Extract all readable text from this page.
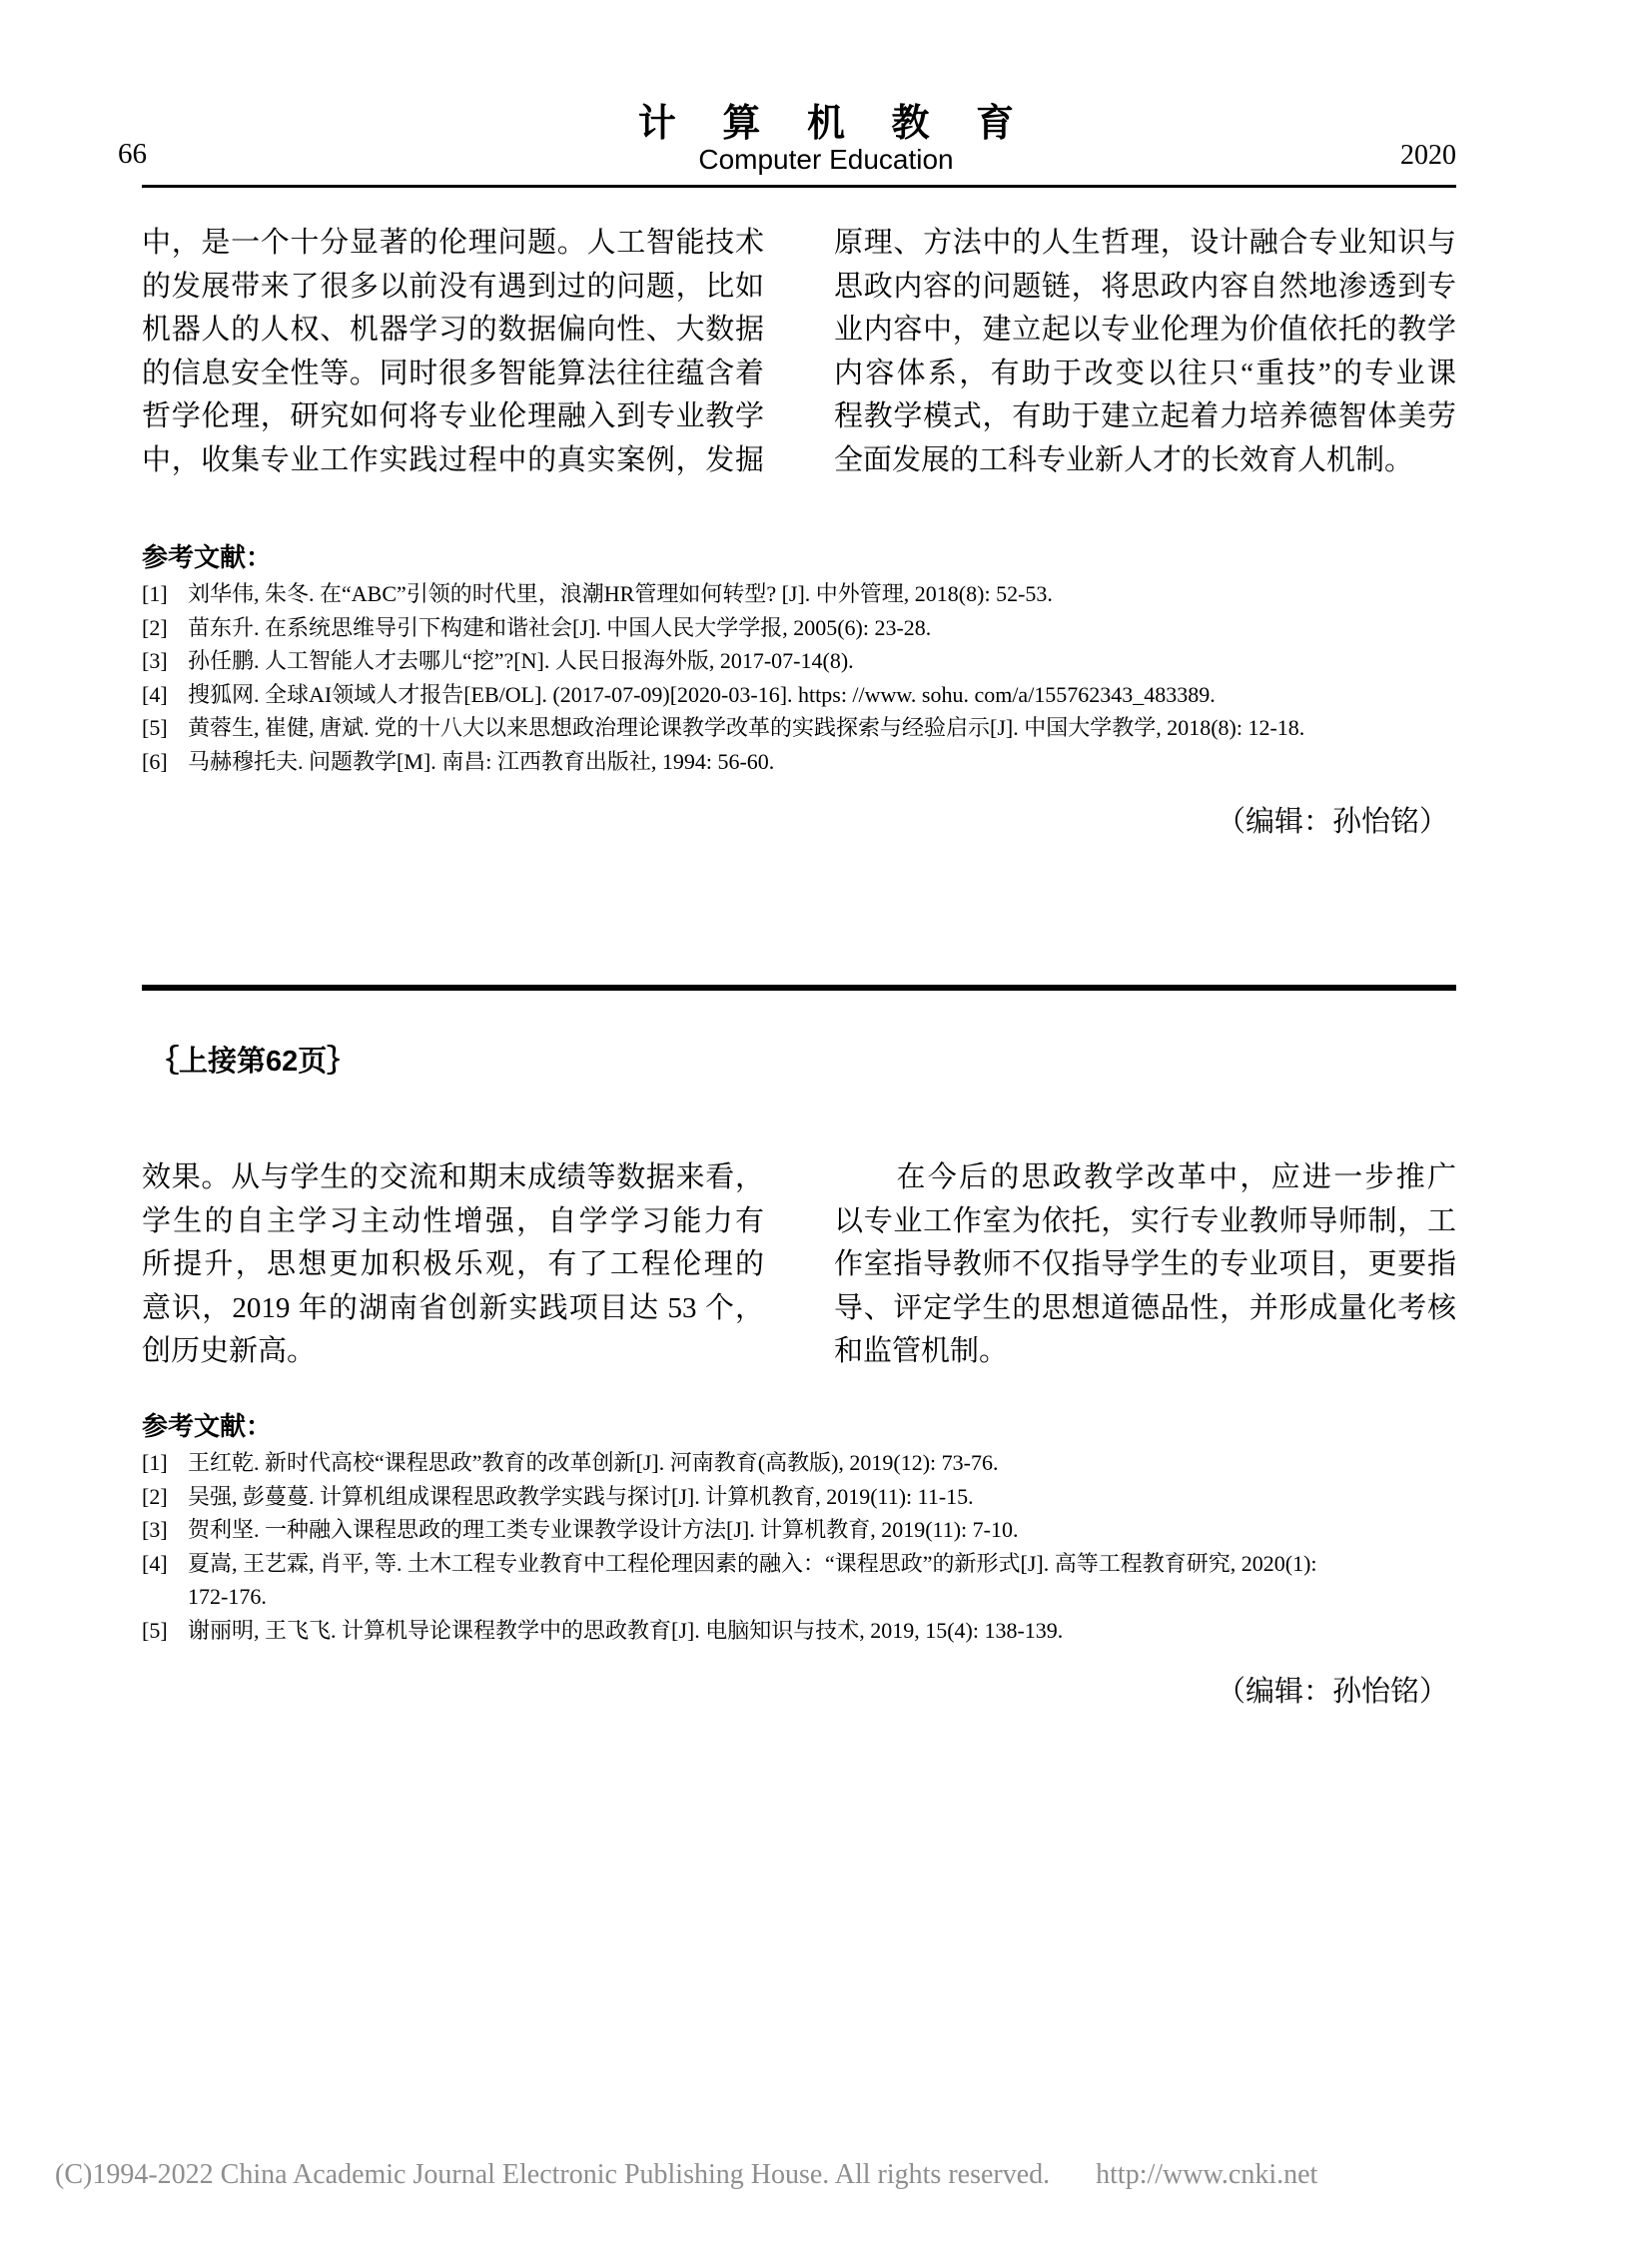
66
计 算 机 教 育
Computer Education	2020
中，是一个十分显著的伦理问题。人工智能技术
的发展带来了很多以前没有遇到过的问题，比如
机器人的人权、机器学习的数据偏向性、大数据
的信息安全性等。同时很多智能算法往往蕴含着
哲学伦理，研究如何将专业伦理融入到专业教学
中，收集专业工作实践过程中的真实案例，发掘
原理、方法中的人生哲理，设计融合专业知识与
思政内容的问题链，将思政内容自然地渗透到专
业内容中，建立起以专业伦理为价值依托的教学
内容体系，有助于改变以往只“重技”的专业课
程教学模式，有助于建立起着力培养德智体美劳
全面发展的工科专业新人才的长效育人机制。
参考文献：
[1] 刘华伟, 朱冬. 在“ABC”引领的时代里，浪潮HR管理如何转型? [J]. 中外管理, 2018(8): 52-53.
[2] 苗东升. 在系统思维导引下构建和谐社会[J]. 中国人民大学学报, 2005(6): 23-28.
[3] 孙任鹏. 人工智能人才去哪儿“挖”?[N]. 人民日报海外版, 2017-07-14(8).
[4] 搜狐网. 全球AI领域人才报告[EB/OL]. (2017-07-09)[2020-03-16]. https: //www. sohu. com/a/155762343_483389.
[5] 黄蓉生, 崔健, 唐斌. 党的十八大以来思想政治理论课教学改革的实践探索与经验启示[J]. 中国大学教学, 2018(8): 12-18.
[6] 马赫穆托夫. 问题教学[M]. 南昌: 江西教育出版社, 1994: 56-60.
（编辑：孙怡铭）
｛上接第62页｝
效果。从与学生的交流和期末成绩等数据来看，
学生的自主学习主动性增强，自学学习能力有
所提升，思想更加积极乐观，有了工程伦理的
意识，2019 年的湖南省创新实践项目达 53 个，
创历史新高。
　　在今后的思政教学改革中，应进一步推广
以专业工作室为依托，实行专业教师导师制，工
作室指导教师不仅指导学生的专业项目，更要指
导、评定学生的思想道德品性，并形成量化考核
和监管机制。
参考文献：
[1] 王红乾. 新时代高校“课程思政”教育的改革创新[J]. 河南教育(高教版), 2019(12): 73-76.
[2] 吴强, 彭蔓蔓. 计算机组成课程思政教学实践与探讨[J]. 计算机教育, 2019(11): 11-15.
[3] 贺利坚. 一种融入课程思政的理工类专业课教学设计方法[J]. 计算机教育, 2019(11): 7-10.
[4] 夏嵩, 王艺霖, 肖平, 等. 土木工程专业教育中工程伦理因素的融入：“课程思政”的新形式[J]. 高等工程教育研究, 2020(1):
172-176.
[5] 谢丽明, 王飞飞. 计算机导论课程教学中的思政教育[J]. 电脑知识与技术, 2019, 15(4): 138-139.
（编辑：孙怡铭）
(C)1994-2022 China Academic Journal Electronic Publishing House. All rights reserved. http://www.cnki.net
